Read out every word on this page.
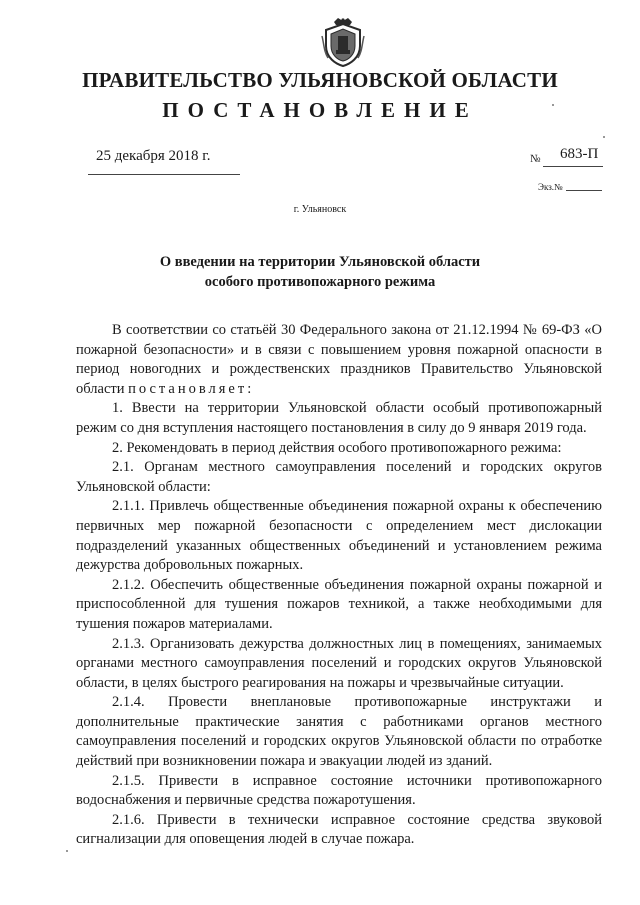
ПРАВИТЕЛЬСТВО УЛЬЯНОВСКОЙ ОБЛАСТИ
ПОСТАНОВЛЕНИЕ
25 декабря 2018 г.	№ 683-П
Экз.№
г. Ульяновск
О введении на территории Ульяновской области
особого противопожарного режима

В соответствии со статьёй 30 Федерального закона от 21.12.1994 № 69-ФЗ «О пожарной безопасности» и в связи с повышением уровня пожарной опасности в период новогодних и рождественских праздников Правительство Ульяновской области постановляет:

1. Ввести на территории Ульяновской области особый противопожарный режим со дня вступления настоящего постановления в силу до 9 января 2019 года.

2. Рекомендовать в период действия особого противопожарного режима:

2.1. Органам местного самоуправления поселений и городских округов Ульяновской области:

2.1.1. Привлечь общественные объединения пожарной охраны к обеспечению первичных мер пожарной безопасности с определением мест дислокации подразделений указанных общественных объединений и установлением режима дежурства добровольных пожарных.

2.1.2. Обеспечить общественные объединения пожарной охраны пожарной и приспособленной для тушения пожаров техникой, а также необходимыми для тушения пожаров материалами.

2.1.3. Организовать дежурства должностных лиц в помещениях, занимаемых органами местного самоуправления поселений и городских округов Ульяновской области, в целях быстрого реагирования на пожары и чрезвычайные ситуации.

2.1.4. Провести внеплановые противопожарные инструктажи и дополнительные практические занятия с работниками органов местного самоуправления поселений и городских округов Ульяновской области по отработке действий при возникновении пожара и эвакуации людей из зданий.

2.1.5. Привести в исправное состояние источники противопожарного водоснабжения и первичные средства пожаротушения.

2.1.6. Привести в технически исправное состояние средства звуковой сигнализации для оповещения людей в случае пожара.
